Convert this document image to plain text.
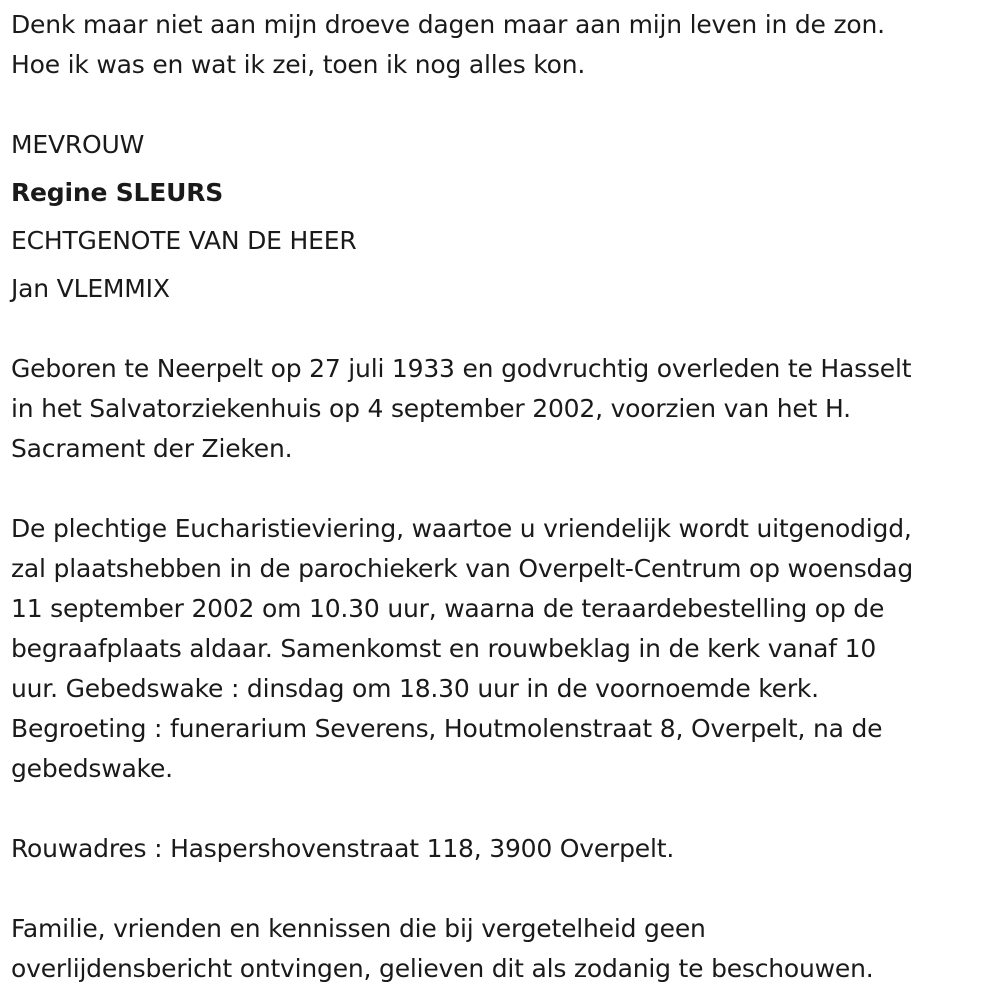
Denk maar niet aan mijn droeve dagen maar aan mijn leven in de zon.
Hoe ik was en wat ik zei, toen ik nog alles kon.
MEVROUW
Regine SLEURS
ECHTGENOTE VAN DE HEER
Jan VLEMMIX
Geboren te Neerpelt op 27 juli 1933 en godvruchtig overleden te Hasselt
in het Salvatorziekenhuis op 4 september 2002, voorzien van het H.
Sacrament der Zieken.
De plechtige Eucharistieviering, waartoe u vriendelijk wordt uitgenodigd,
zal plaatshebben in de parochiekerk van Overpelt-Centrum op woensdag
11 september 2002 om 10.30 uur, waarna de teraardebestelling op de
begraafplaats aldaar. Samenkomst en rouwbeklag in de kerk vanaf 10
uur. Gebedswake : dinsdag om 18.30 uur in de voornoemde kerk.
Begroeting : funerarium Severens, Houtmolenstraat 8, Overpelt, na de
gebedswake.
Rouwadres : Haspershovenstraat 118, 3900 Overpelt.
Familie, vrienden en kennissen die bij vergetelheid geen
overlijdensbericht ontvingen, gelieven dit als zodanig te beschouwen.
